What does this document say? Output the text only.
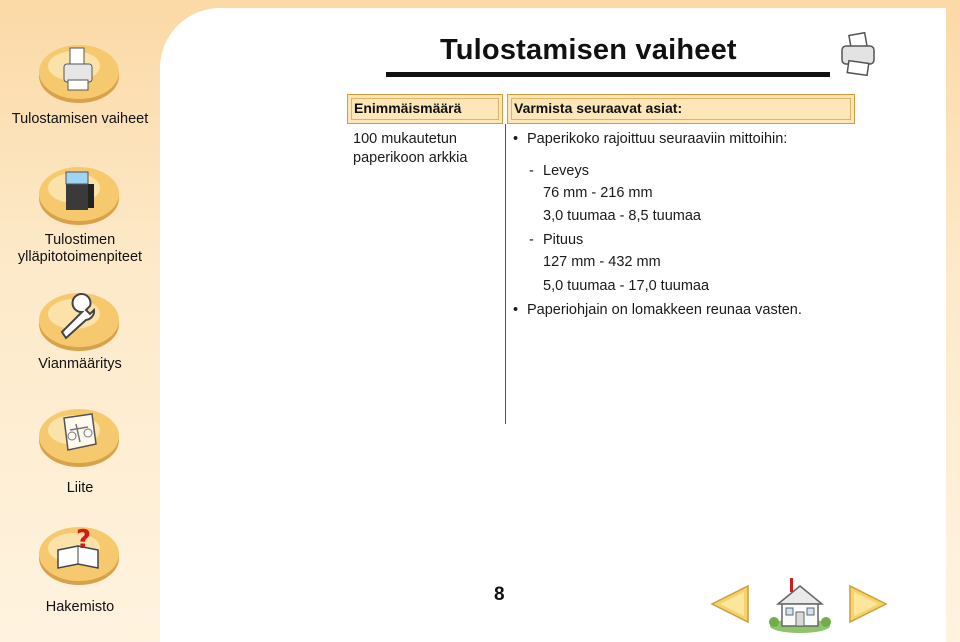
Tulostamisen vaiheet
Tulostimen ylläpitotoimenpiteet
Vianmääritys
Liite
?
Hakemisto
Tulostamisen vaiheet
Enimmäismäärä	Varmista seuraavat asiat:
100 mukautetun paperikoon arkkia
• Paperikoko rajoittuu seuraaviin mittoihin:
- Leveys
76 mm - 216 mm
3,0 tuumaa - 8,5 tuumaa
- Pituus
127 mm - 432 mm
5,0 tuumaa - 17,0 tuumaa
• Paperiohjain on lomakkeen reunaa vasten.
8
